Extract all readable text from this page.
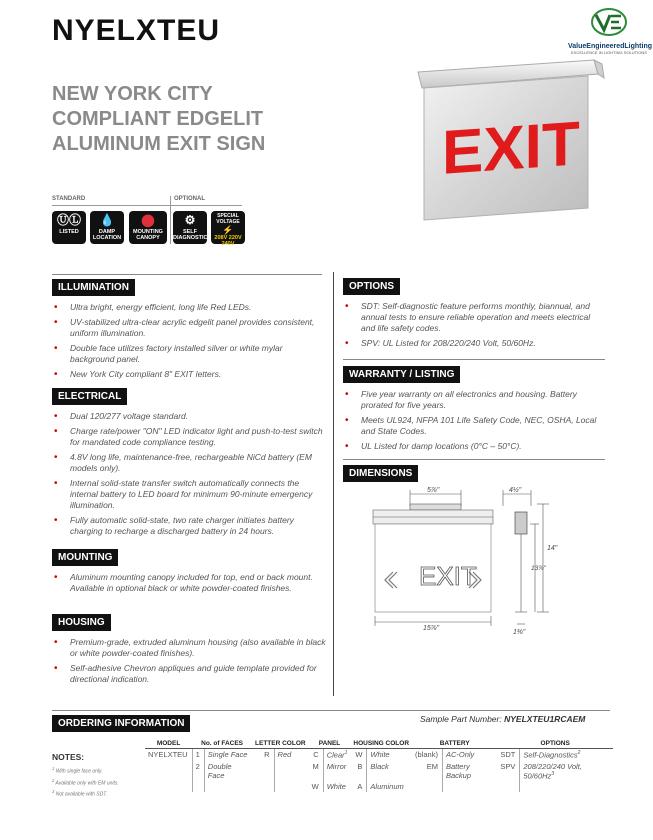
NYELXTEU	ValueEngineeredLighting
EXCELLENCE IN LIGHTING SOLUTIONS
NEW YORK CITY
COMPLIANT EDGELIT
ALUMINUM EXIT SIGN	EXIT
STANDARD	OPTIONAL
ⓊⓁ
LISTED
💧
DAMP LOCATION
⬤
MOUNTING CANOPY
⚙
SELF DIAGNOSTIC
SPECIAL VOLTAGE
⚡
208V 220V 240V
ILLUMINATION
• Ultra bright, energy efficient, long life Red LEDs.
• UV-stabilized ultra-clear acrylic edgelit panel provides consistent, uniform illumination.
• Double face utilizes factory installed silver or white mylar background panel.
• New York City compliant 8" EXIT letters.
ELECTRICAL
• Dual 120/277 voltage standard.
• Charge rate/power "ON" LED indicator light and push-to-test switch for mandated code compliance testing.
• 4.8V long life, maintenance-free, rechargeable NiCd battery (EM models only).
• Internal solid-state transfer switch automatically connects the internal battery to LED board for minimum 90-minute emergency illumination.
• Fully automatic solid-state, two rate charger initiates battery charging to recharge a discharged battery in 24 hours.
MOUNTING
• Aluminum mounting canopy included for top, end or back mount. Available in optional black or white powder-coated finishes.
HOUSING
• Premium-grade, extruded aluminum housing (also available in black or white powder-coated finishes).
• Self-adhesive Chevron appliques and guide template provided for directional indication.
OPTIONS
• SDT: Self-diagnostic feature performs monthly, biannual, and annual tests to ensure reliable operation and meets electrical and life safety codes.
• SPV: UL Listed for 208/220/240 Volt, 50/60Hz.
WARRANTY / LISTING
• Five year warranty on all electronics and housing. Battery prorated for five years.
• Meets UL924, NFPA 101 Life Safety Code, NEC, OSHA, Local and State Codes.
• UL Listed for damp locations (0°C – 50°C).
DIMENSIONS
EXIT
5⅞"	4½"
14"
13⅞"
15⅞"
1⅜"
ORDERING INFORMATION	Sample Part Number: NYELXTEU1RCAEM
MODEL	No. of FACES		LETTER COLOR		PANEL		HOUSING COLOR		BATTERY		OPTIONS	
NYELXTEU	1	Single Face	R	Red	C	Clear$^1$	W	White	(blank)	AC-Only	SDT	Self-Diagnostics$^2$
	2	Double Face			M	Mirror	B	Black	EM	Battery Backup	SPV	208/220/240 Volt, 50/60Hz$^3$
					W	White	A	Aluminum				
NOTES:
$^1$ With single face only.
$^2$ Available only with EM units.
$^3$ Not available with SDT.
